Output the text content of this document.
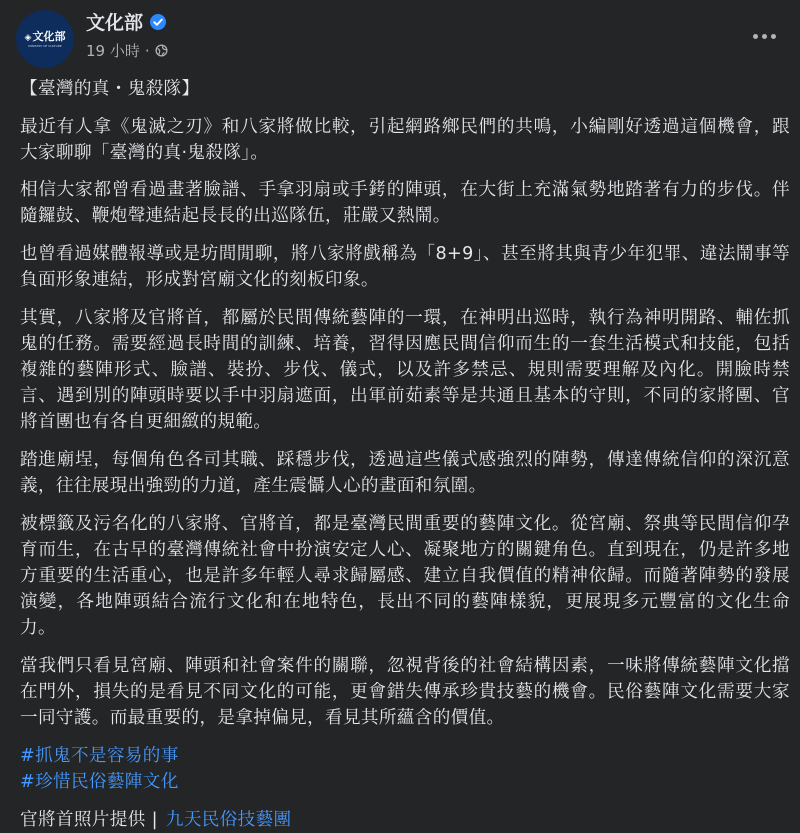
◈文化部
MINISTRY OF CULTURE
文化部
19 小時 ·

【臺灣的真・鬼殺隊】

最近有人拿《鬼滅之刃》和八家將做比較，引起網路鄉民們的共鳴，小編剛好透過這個機會，跟大家聊聊「臺灣的真·鬼殺隊」。

相信大家都曾看過畫著臉譜、手拿羽扇或手銬的陣頭，在大街上充滿氣勢地踏著有力的步伐。伴隨鑼鼓、鞭炮聲連結起長長的出巡隊伍，莊嚴又熱鬧。

也曾看過媒體報導或是坊間閒聊，將八家將戲稱為「8+9」、甚至將其與青少年犯罪、違法鬧事等負面形象連結，形成對宮廟文化的刻板印象。

其實，八家將及官將首，都屬於民間傳統藝陣的一環，在神明出巡時，執行為神明開路、輔佐抓鬼的任務。需要經過長時間的訓練、培養，習得因應民間信仰而生的一套生活模式和技能，包括複雜的藝陣形式、臉譜、裝扮、步伐、儀式，以及許多禁忌、規則需要理解及內化。開臉時禁言、遇到別的陣頭時要以手中羽扇遮面，出軍前茹素等是共通且基本的守則，不同的家將團、官將首團也有各自更細緻的規範。

踏進廟埕，每個角色各司其職、踩穩步伐，透過這些儀式感強烈的陣勢，傳達傳統信仰的深沉意義，往往展現出強勁的力道，產生震懾人心的畫面和氛圍。

被標籤及污名化的八家將、官將首，都是臺灣民間重要的藝陣文化。從宮廟、祭典等民間信仰孕育而生，在古早的臺灣傳統社會中扮演安定人心、凝聚地方的關鍵角色。直到現在，仍是許多地方重要的生活重心，也是許多年輕人尋求歸屬感、建立自我價值的精神依歸。而隨著陣勢的發展演變，各地陣頭結合流行文化和在地特色，長出不同的藝陣樣貌，更展現多元豐富的文化生命力。

當我們只看見宮廟、陣頭和社會案件的關聯，忽視背後的社會結構因素，一味將傳統藝陣文化擋在門外，損失的是看見不同文化的可能，更會錯失傳承珍貴技藝的機會。民俗藝陣文化需要大家一同守護。而最重要的，是拿掉偏見，看見其所蘊含的價值。

#抓鬼不是容易的事
#珍惜民俗藝陣文化
官將首照片提供 | 九天民俗技藝團
